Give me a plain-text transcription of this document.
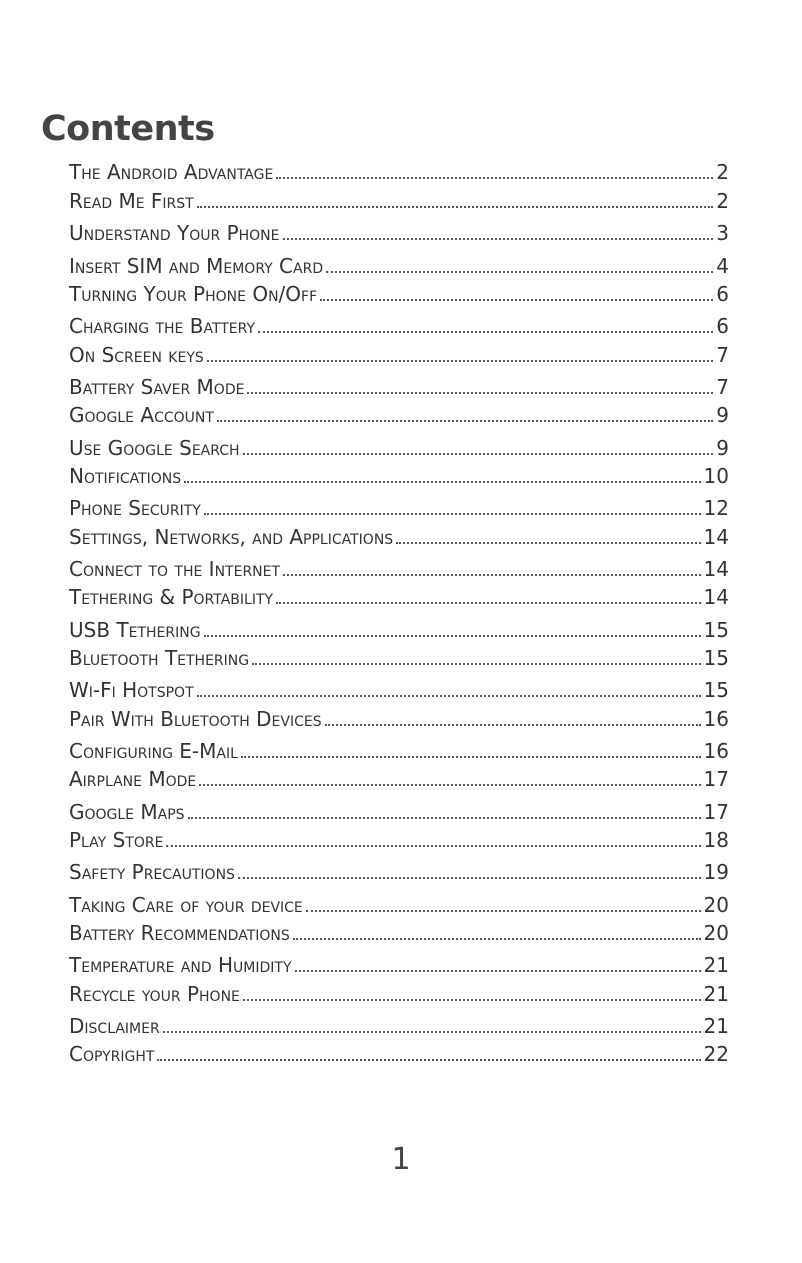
Contents
The Android Advantage	2
Read Me First	2
Understand Your Phone	3
Insert SIM and Memory Card	4
Turning Your Phone On/Off	6
Charging the Battery	6
On Screen keys	7
Battery Saver Mode	7
Google Account	9
Use Google Search	9
Notifications	10
Phone Security	12
Settings, Networks, and Applications	14
Connect to the Internet	14
Tethering & Portability	14
USB Tethering	15
Bluetooth Tethering	15
Wi-Fi Hotspot	15
Pair With Bluetooth Devices	16
Configuring E-Mail	16
Airplane Mode	17
Google Maps	17
Play Store	18
Safety Precautions	19
Taking Care of your device	20
Battery Recommendations	20
Temperature and Humidity	21
Recycle your Phone	21
Disclaimer	21
Copyright	22
1
